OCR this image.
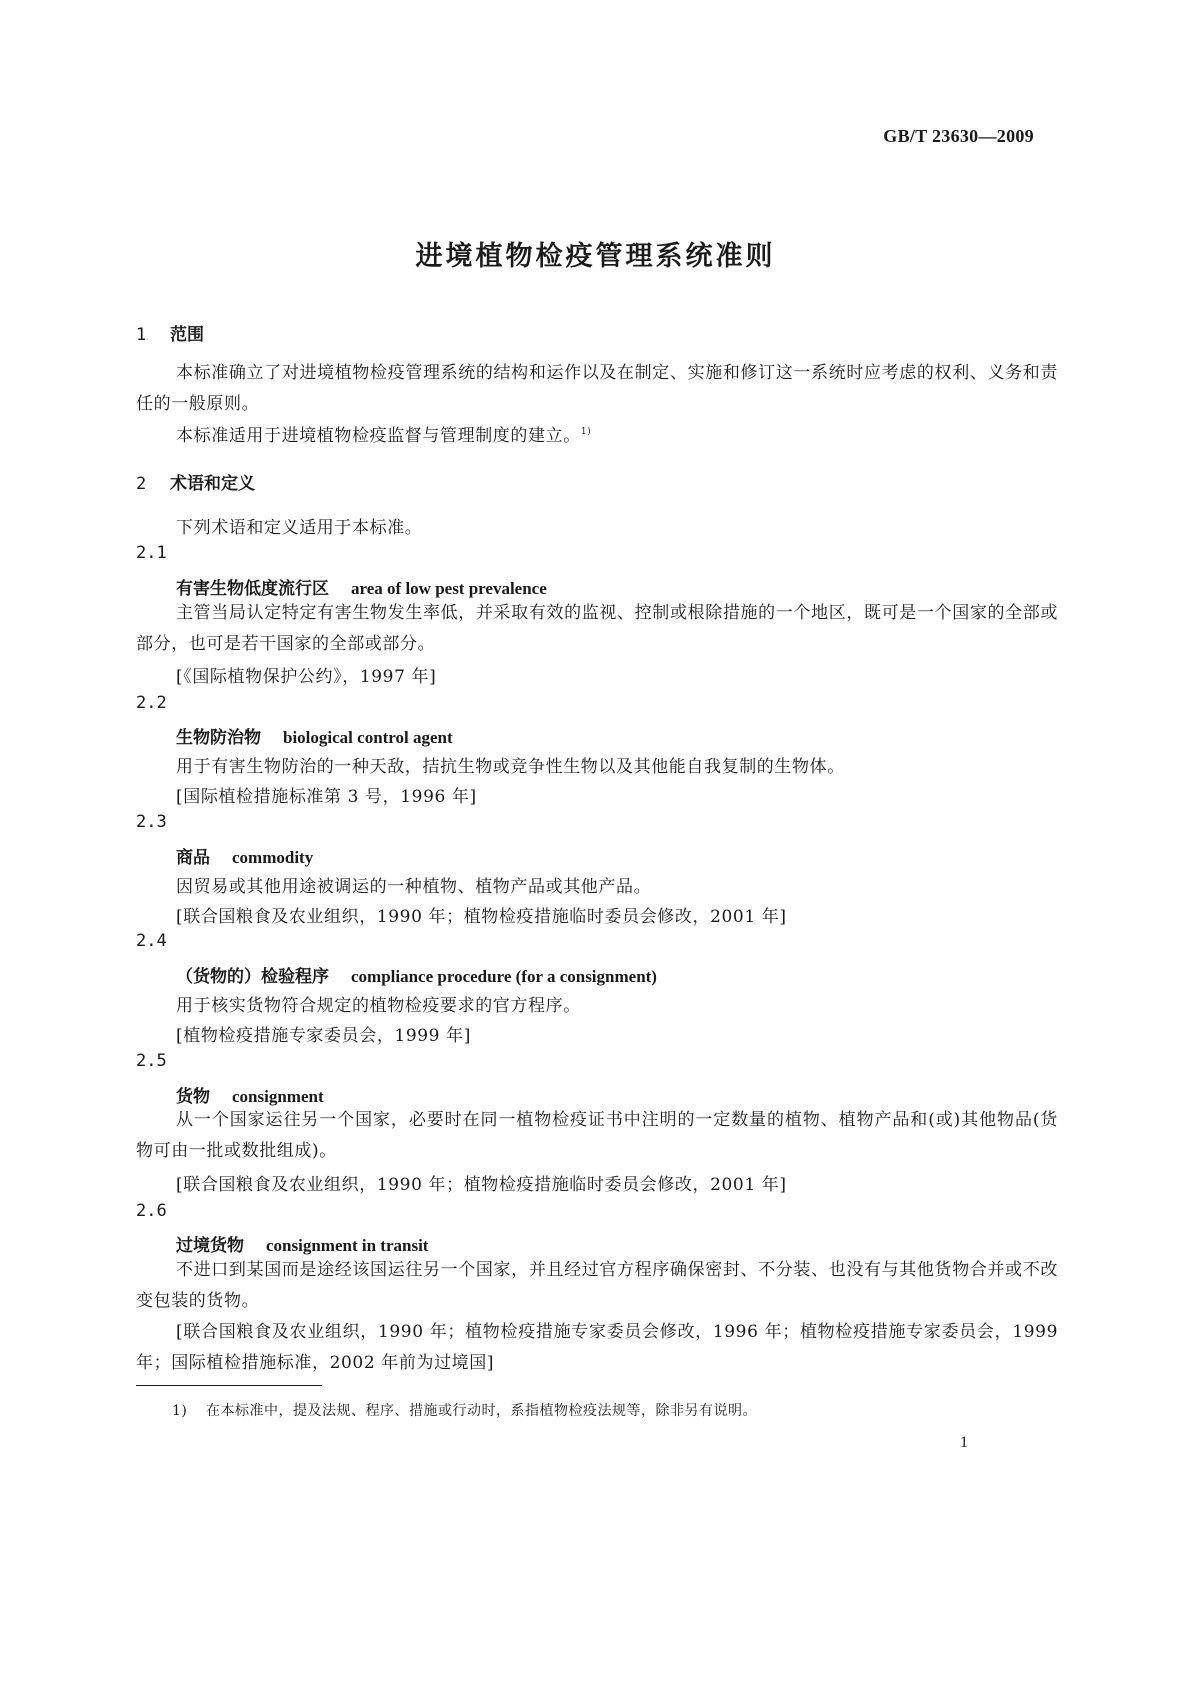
GB/T 23630—2009
进境植物检疫管理系统准则
1 范围
本标准确立了对进境植物检疫管理系统的结构和运作以及在制定、实施和修订这一系统时应考虑的权利、义务和责任的一般原则。
本标准适用于进境植物检疫监督与管理制度的建立。$^{1)}$
2 术语和定义
下列术语和定义适用于本标准。
2.1
有害生物低度流行区 area of low pest prevalence
主管当局认定特定有害生物发生率低，并采取有效的监视、控制或根除措施的一个地区，既可是一个国家的全部或部分，也可是若干国家的全部或部分。
[《国际植物保护公约》，1997 年]
2.2
生物防治物 biological control agent
用于有害生物防治的一种天敌，拮抗生物或竞争性生物以及其他能自我复制的生物体。
[国际植检措施标准第 3 号，1996 年]
2.3
商品 commodity
因贸易或其他用途被调运的一种植物、植物产品或其他产品。
[联合国粮食及农业组织，1990 年；植物检疫措施临时委员会修改，2001 年]
2.4
（货物的）检验程序 compliance procedure (for a consignment)
用于核实货物符合规定的植物检疫要求的官方程序。
[植物检疫措施专家委员会，1999 年]
2.5
货物 consignment
从一个国家运往另一个国家，必要时在同一植物检疫证书中注明的一定数量的植物、植物产品和(或)其他物品(货物可由一批或数批组成)。
[联合国粮食及农业组织，1990 年；植物检疫措施临时委员会修改，2001 年]
2.6
过境货物 consignment in transit
不进口到某国而是途经该国运往另一个国家，并且经过官方程序确保密封、不分装、也没有与其他货物合并或不改变包装的货物。
[联合国粮食及农业组织，1990 年；植物检疫措施专家委员会修改，1996 年；植物检疫措施专家委员会，1999 年；国际植检措施标准，2002 年前为过境国]
1) 在本标准中，提及法规、程序、措施或行动时，系指植物检疫法规等，除非另有说明。
1
